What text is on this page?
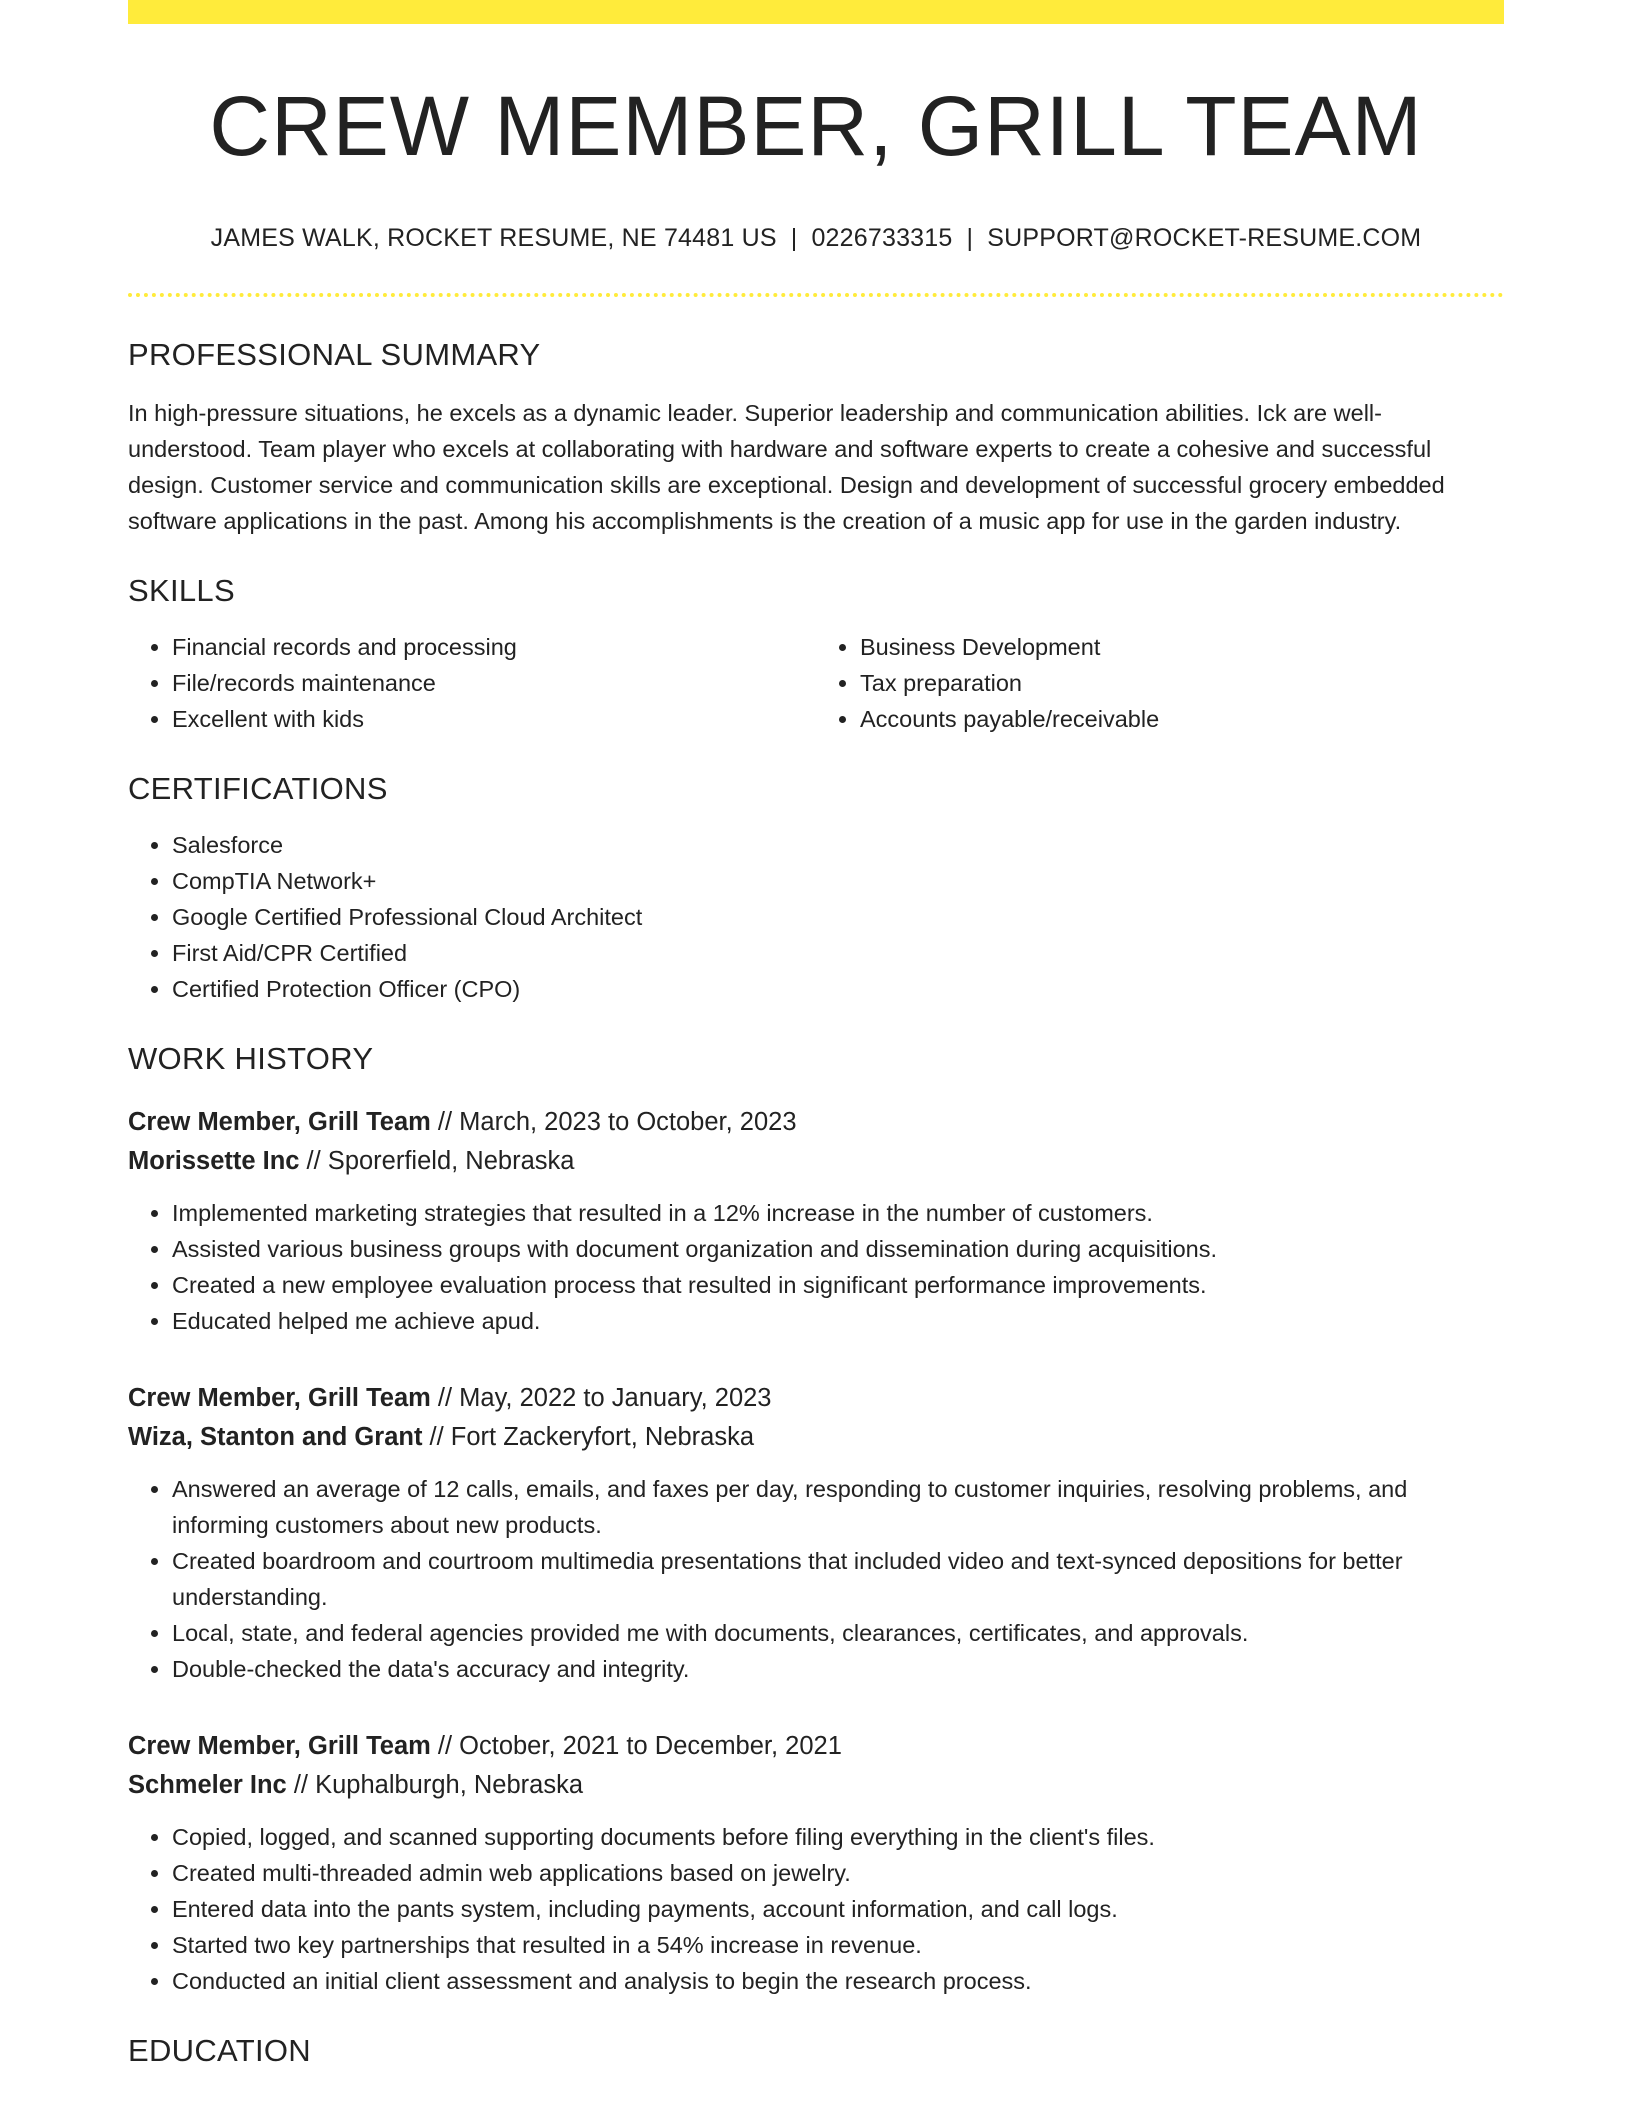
CREW MEMBER, GRILL TEAM
JAMES WALK, ROCKET RESUME, NE 74481 US | 0226733315 | SUPPORT@ROCKET-RESUME.COM
PROFESSIONAL SUMMARY
In high-pressure situations, he excels as a dynamic leader. Superior leadership and communication abilities. Ick are well-understood. Team player who excels at collaborating with hardware and software experts to create a cohesive and successful design. Customer service and communication skills are exceptional. Design and development of successful grocery embedded software applications in the past. Among his accomplishments is the creation of a music app for use in the garden industry.
SKILLS
• Financial records and processing
• File/records maintenance
• Excellent with kids
• Business Development
• Tax preparation
• Accounts payable/receivable
CERTIFICATIONS
• Salesforce
• CompTIA Network+
• Google Certified Professional Cloud Architect
• First Aid/CPR Certified
• Certified Protection Officer (CPO)
WORK HISTORY
Crew Member, Grill Team // March, 2023 to October, 2023
Morissette Inc // Sporerfield, Nebraska
• Implemented marketing strategies that resulted in a 12% increase in the number of customers.
• Assisted various business groups with document organization and dissemination during acquisitions.
• Created a new employee evaluation process that resulted in significant performance improvements.
• Educated helped me achieve apud.
Crew Member, Grill Team // May, 2022 to January, 2023
Wiza, Stanton and Grant // Fort Zackeryfort, Nebraska
• Answered an average of 12 calls, emails, and faxes per day, responding to customer inquiries, resolving problems, and informing customers about new products.
• Created boardroom and courtroom multimedia presentations that included video and text-synced depositions for better understanding.
• Local, state, and federal agencies provided me with documents, clearances, certificates, and approvals.
• Double-checked the data's accuracy and integrity.
Crew Member, Grill Team // October, 2021 to December, 2021
Schmeler Inc // Kuphalburgh, Nebraska
• Copied, logged, and scanned supporting documents before filing everything in the client's files.
• Created multi-threaded admin web applications based on jewelry.
• Entered data into the pants system, including payments, account information, and call logs.
• Started two key partnerships that resulted in a 54% increase in revenue.
• Conducted an initial client assessment and analysis to begin the research process.
EDUCATION
